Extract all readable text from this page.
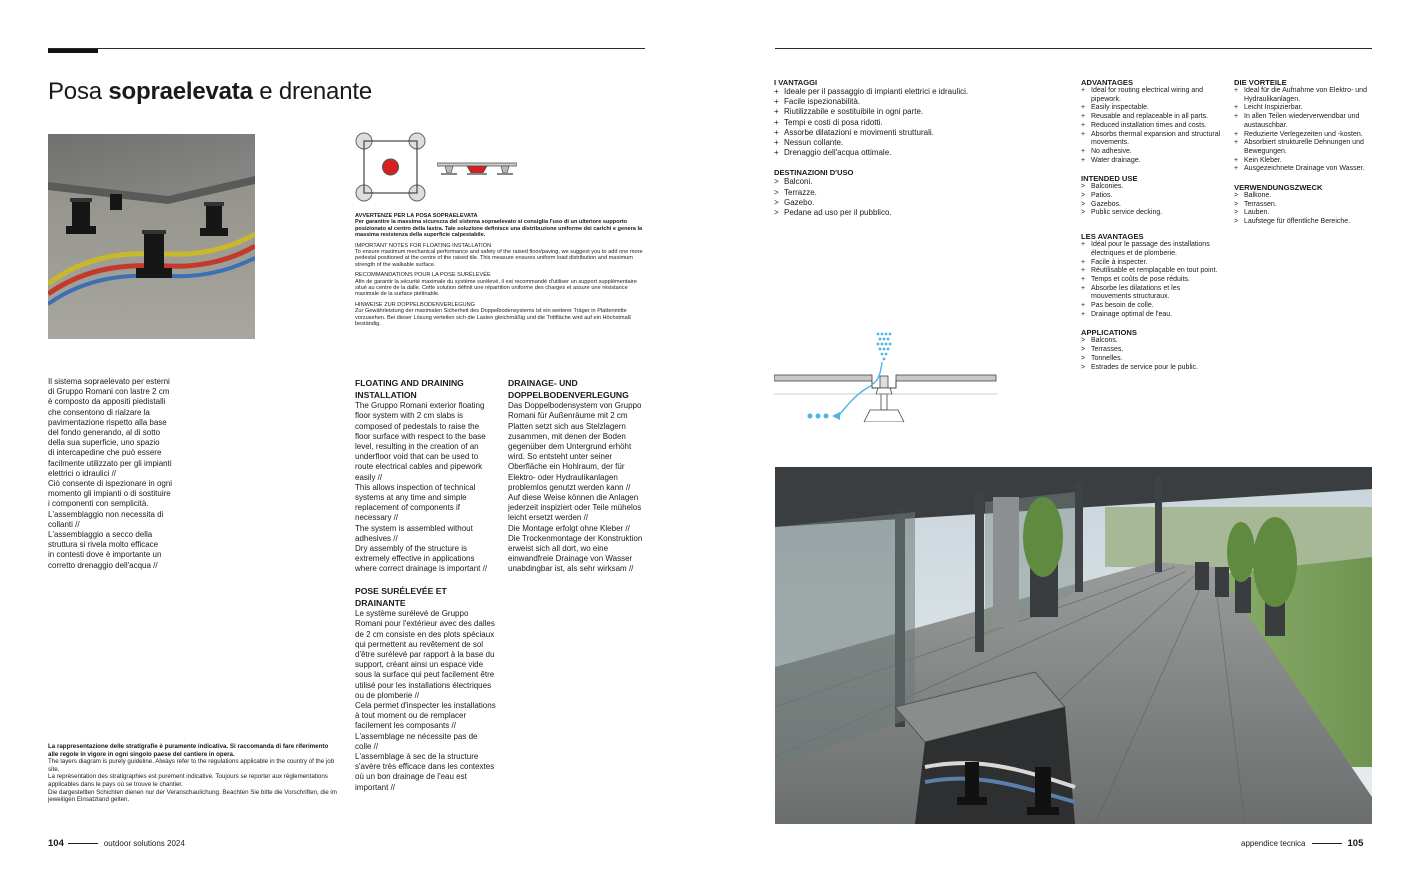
Posa sopraelevata e drenante

AVVERTENZE PER LA POSA SOPRAELEVATA
Per garantire la massima sicurezza del sistema sopraelevato si consiglia l'uso di un ulteriore supporto posizionato al centro della lastra. Tale soluzione definisce una distribuzione uniforme dei carichi e genera la massima resistenza della superficie calpestabile.

IMPORTANT NOTES FOR FLOATING INSTALLATION
To ensure maximum mechanical performance and safety of the raised floor/paving, we suggest you to add one more pedestal positioned at the centre of the raised tile. This measure ensures uniform load distribution and maximum strength of the walkable surface.

RECOMMANDATIONS POUR LA POSE SURÉLEVÉE
Afin de garantir la sécurité maximale du système surélevé, il est recommandé d'utiliser un support supplémentaire situé au centre de la dalle. Cette solution définit une répartition uniforme des charges et assure une résistance maximale de la surface piétinable.

HINWEISE ZUR DOPPELBODENVERLEGUNG
Zur Gewährleistung der maximalen Sicherheit des Doppelbodensystems ist ein weiterer Träger in Plattenmitte vorzusehen. Bei dieser Lösung verteilen sich die Lasten gleichmäßig und die Trittfläche wird auf ein Höchstmaß beständig.

Il sistema sopraelevato per esterni
di Gruppo Romani con lastre 2 cm
è composto da appositi piedistalli
che consentono di rialzare la
pavimentazione rispetto alla base
del fondo generando, al di sotto
della sua superficie, uno spazio
di intercapedine che può essere
facilmente utilizzato per gli impianti
elettrici o idraulici //
Ciò consente di ispezionare in ogni
momento gli impianti o di sostituire
i componenti con semplicità.
L'assemblaggio non necessita di
collanti //
L'assemblaggio a secco della
struttura si rivela molto efficace
in contesti dove è importante un
corretto drenaggio dell'acqua //
FLOATING AND DRAINING INSTALLATION
The Gruppo Romani exterior floating
floor system with 2 cm slabs is
composed of pedestals to raise the
floor surface with respect to the base
level, resulting in the creation of an
underfloor void that can be used to
route electrical cables and pipework
easily //
This allows inspection of technical
systems at any time and simple
replacement of components if
necessary //
The system is assembled without
adhesives //
Dry assembly of the structure is
extremely effective in applications
where correct drainage is important //
POSE SURÉLEVÉE ET DRAINANTE
Le système surélevé de Gruppo
Romani pour l'extérieur avec des dalles
de 2 cm consiste en des plots spéciaux
qui permettent au revêtement de sol
d'être surélevé par rapport à la base du
support, créant ainsi un espace vide
sous la surface qui peut facilement être
utilisé pour les installations électriques
ou de plomberie //
Cela permet d'inspecter les installations
à tout moment ou de remplacer
facilement les composants //
L'assemblage ne nécessite pas de
colle //
L'assemblage à sec de la structure
s'avère très efficace dans les contextes
où un bon drainage de l'eau est
important //
DRAINAGE- UND DOPPELBODENVERLEGUNG
Das Doppelbodensystem von Gruppo
Romani für Außenräume mit 2 cm
Platten setzt sich aus Stelzlagern
zusammen, mit denen der Boden
gegenüber dem Untergrund erhöht
wird. So entsteht unter seiner
Oberfläche ein Hohlraum, der für
Elektro- oder Hydraulikanlagen
problemlos genutzt werden kann //
Auf diese Weise können die Anlagen
jederzeit inspiziert oder Teile mühelos
leicht ersetzt werden //
Die Montage erfolgt ohne Kleber //
Die Trockenmontage der Konstruktion
erweist sich all dort, wo eine
einwandfreie Drainage von Wasser
unabdingbar ist, als sehr wirksam //
La rappresentazione delle stratigrafie è puramente indicativa. Si raccomanda di fare riferimento alle regole in vigore in ogni singolo paese del cantiere in opera.
The layers diagram is purely guideline. Always refer to the regulations applicable in the country of the job site.
La représentation des stratigraphies est purement indicative. Toujours se reporter aux réglementations applicables dans le pays où se trouve le chantier.
Die dargestellten Schichten dienen nur der Veranschaulichung. Beachten Sie bitte die Vorschriften, die im jeweiligen Einsatzland gelten.
104	outdoor solutions 2024
I VANTAGGI
+ Ideale per il passaggio di impianti elettrici e idraulici.
+ Facile ispezionabilità.
+ Riutilizzabile e sostituibile in ogni parte.
+ Tempi e costi di posa ridotti.
+ Assorbe dilatazioni e movimenti strutturali.
+ Nessun collante.
+ Drenaggio dell'acqua ottimale.
DESTINAZIONI D'USO
> Balconi.
> Terrazze.
> Gazebo.
> Pedane ad uso per il pubblico.
ADVANTAGES
+ Ideal for routing electrical wiring and pipework.
+ Easily inspectable.
+ Reusable and replaceable in all parts.
+ Reduced installation times and costs.
+ Absorbs thermal expansion and structural movements.
+ No adhesive.
+ Water drainage.
INTENDED USE
> Balconies.
> Patios.
> Gazebos.
> Public service decking.
LES AVANTAGES
+ Idéal pour le passage des installations électriques et de plomberie.
+ Facile à inspecter.
+ Réutilisable et remplaçable en tout point.
+ Temps et coûts de pose réduits.
+ Absorbe les dilatations et les mouvements structuraux.
+ Pas besoin de colle.
+ Drainage optimal de l'eau.
APPLICATIONS
> Balcons.
> Terrasses.
> Tonnelles.
> Estrades de service pour le public.
DIE VORTEILE
+ Ideal für die Aufnahme von Elektro- und Hydraulikanlagen.
+ Leicht Inspizierbar.
+ In allen Teilen wiederverwendbar und austauschbar.
+ Reduzierte Verlegezeiten und -kosten.
+ Absorbiert strukturelle Dehnungen und Bewegungen.
+ Kein Kleber.
+ Ausgezeichnete Drainage von Wasser.
VERWENDUNGSZWECK
> Balkone.
> Terrassen.
> Lauben.
> Laufstege für öffentliche Bereiche.
appendice tecnica	105
